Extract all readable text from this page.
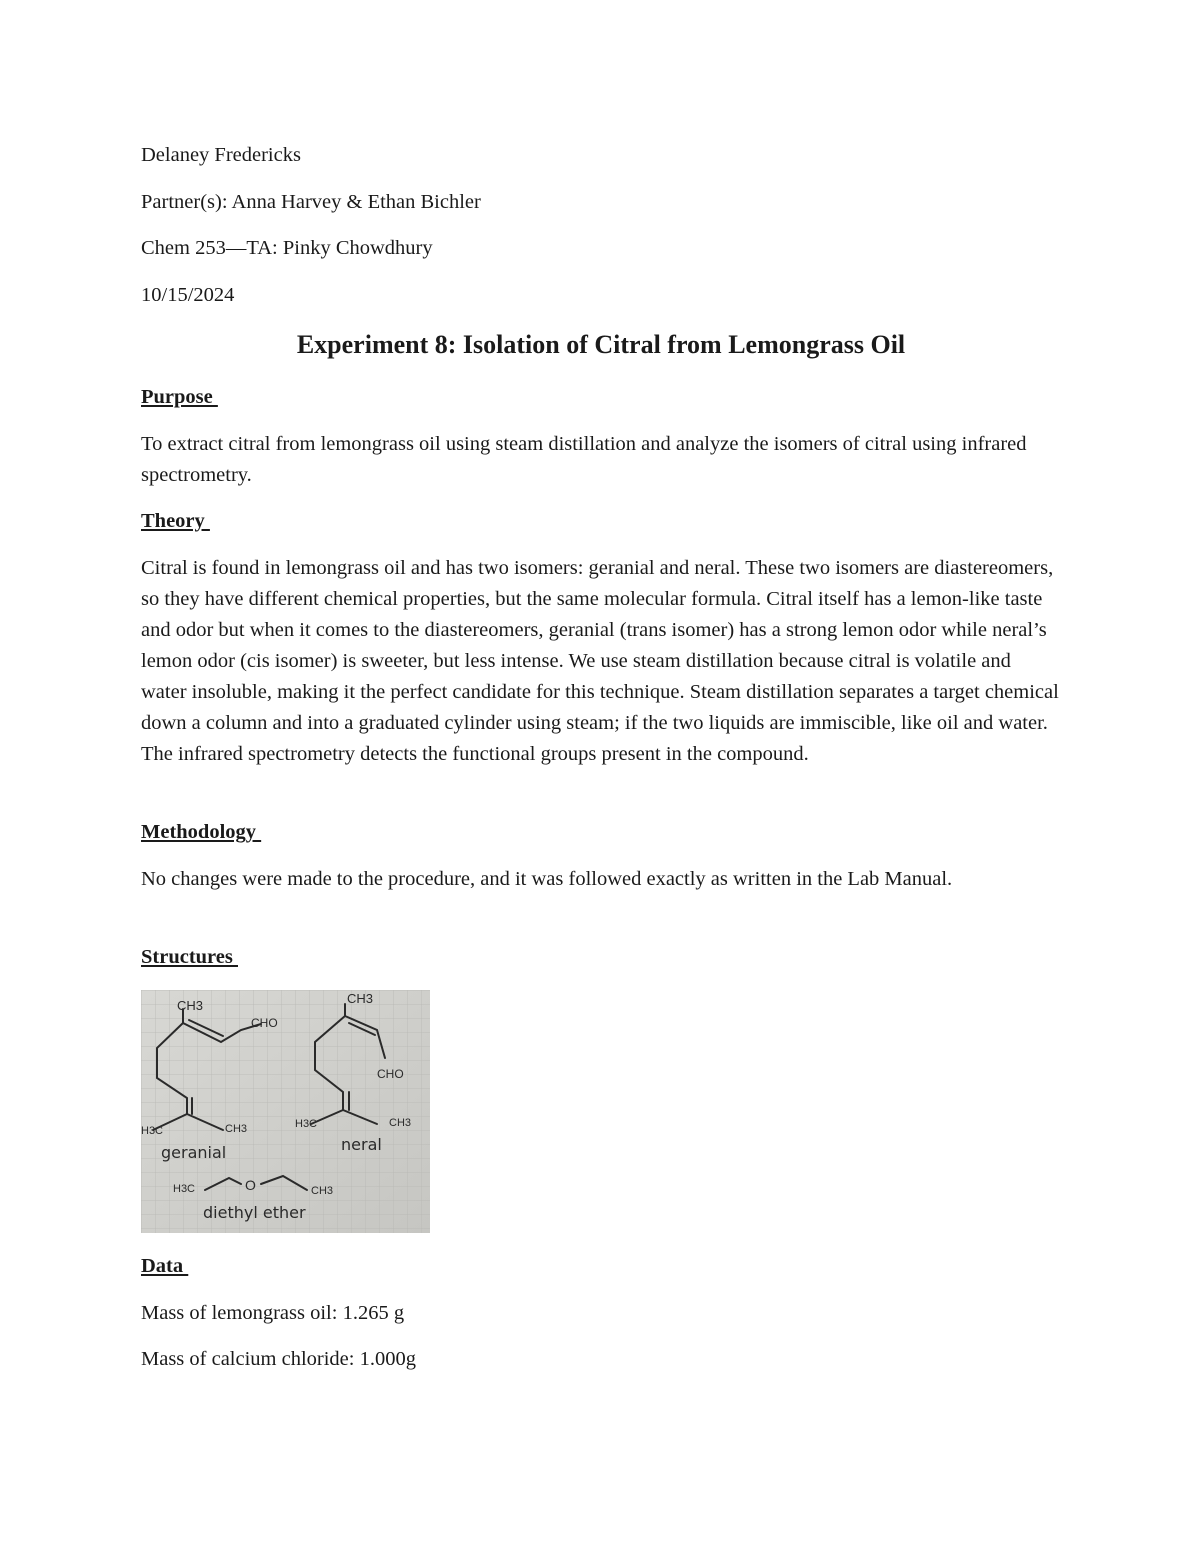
Delaney Fredericks
Partner(s): Anna Harvey & Ethan Bichler
Chem 253—TA: Pinky Chowdhury
10/15/2024
Experiment 8: Isolation of Citral from Lemongrass Oil
Purpose

To extract citral from lemongrass oil using steam distillation and analyze the isomers of citral using infrared spectrometry.

Theory

Citral is found in lemongrass oil and has two isomers: geranial and neral. These two isomers are diastereomers, so they have different chemical properties, but the same molecular formula. Citral itself has a lemon-like taste and odor but when it comes to the diastereomers, geranial (trans isomer) has a strong lemon odor while neral’s lemon odor (cis isomer) is sweeter, but less intense. We use steam distillation because citral is volatile and water insoluble, making it the perfect candidate for this technique. Steam distillation separates a target chemical down a column and into a graduated cylinder using steam; if the two liquids are immiscible, like oil and water. The infrared spectrometry detects the functional groups present in the compound.

Methodology

No changes were made to the procedure, and it was followed exactly as written in the Lab Manual.

Structures
CH3
CHO
H3C	CH3
geranial
CH3
CHO
H3C	CH3
neral
H3C	O	CH3
diethyl ether
Data
Mass of lemongrass oil: 1.265 g
Mass of calcium chloride: 1.000g
